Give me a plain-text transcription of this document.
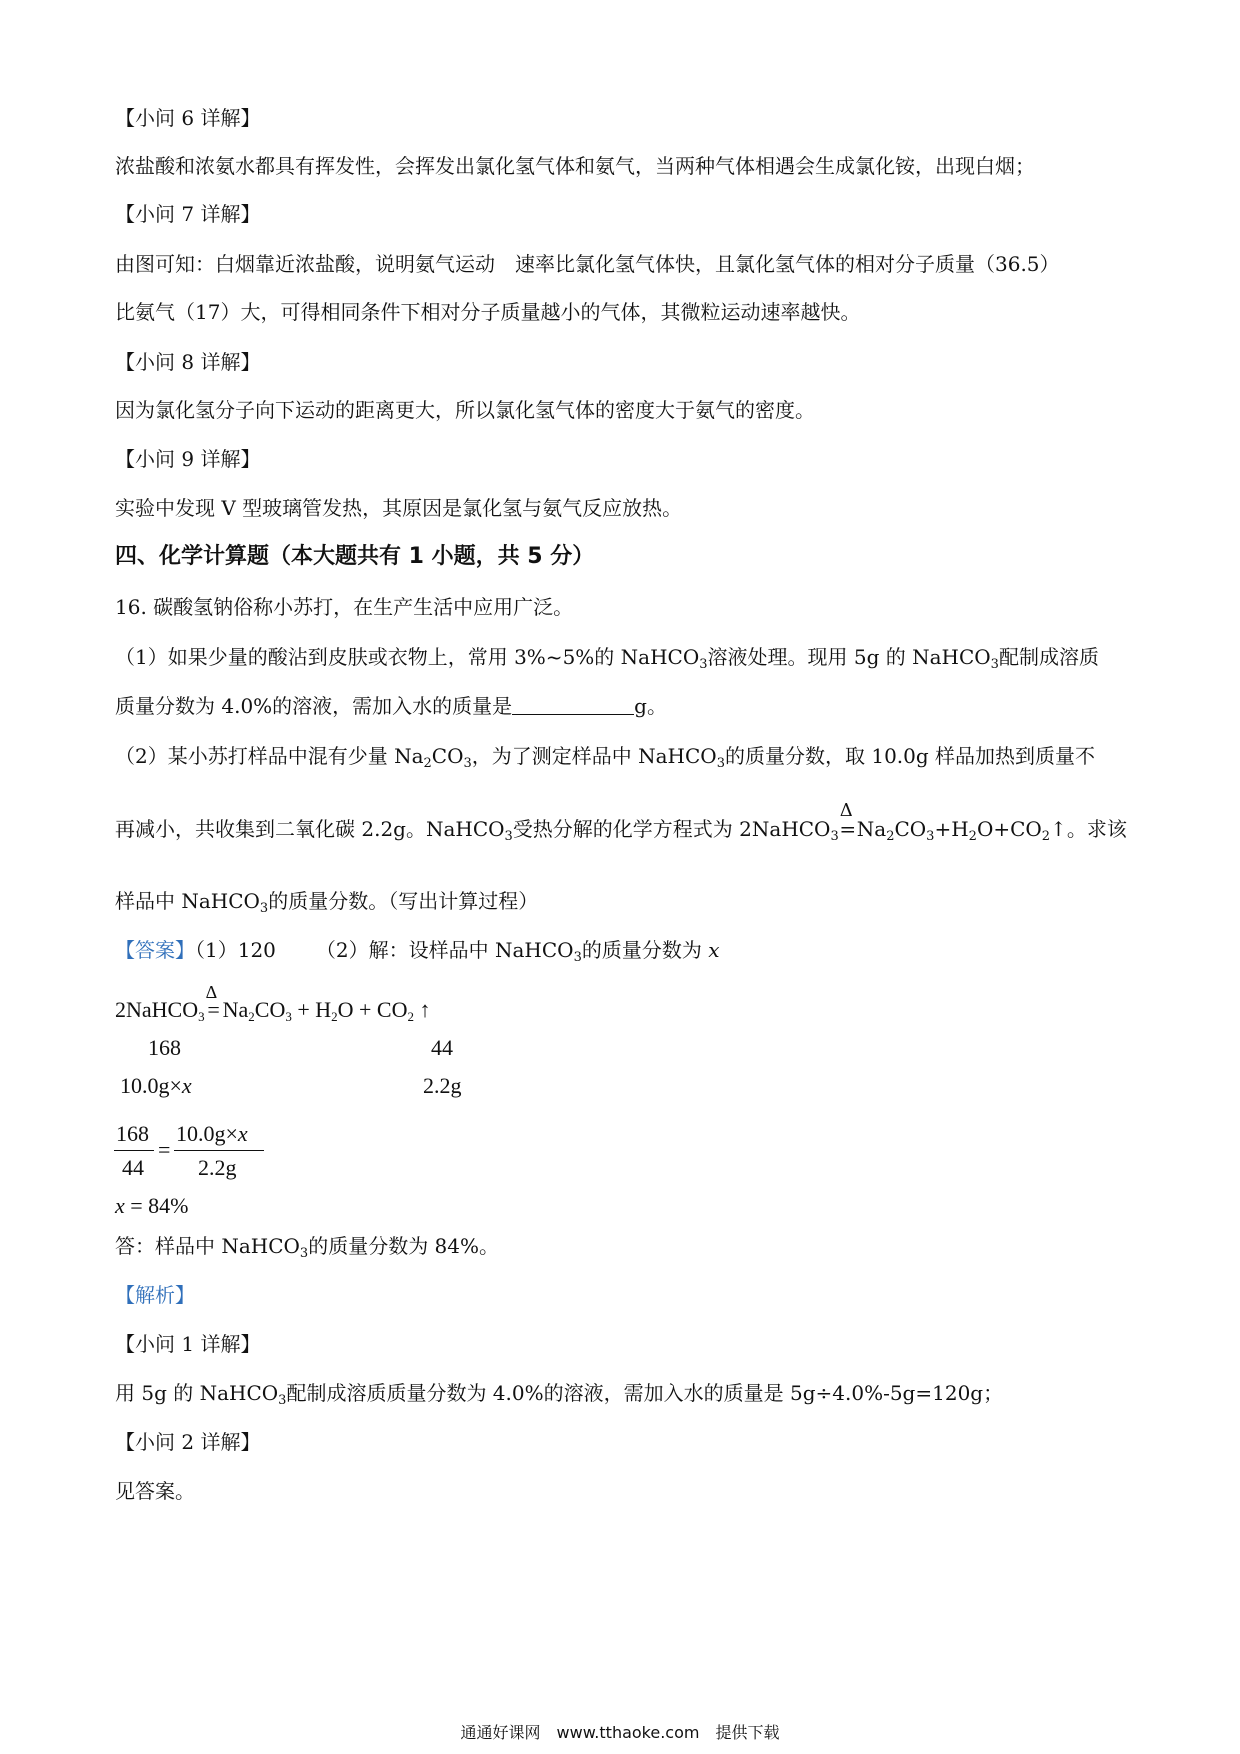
【小问 6 详解】
浓盐酸和浓氨水都具有挥发性，会挥发出氯化氢气体和氨气，当两种气体相遇会生成氯化铵，出现白烟；
【小问 7 详解】
由图可知：白烟靠近浓盐酸，说明氨气运动　速率比氯化氢气体快，且氯化氢气体的相对分子质量（36.5）
比氨气（17）大，可得相同条件下相对分子质量越小的气体，其微粒运动速率越快。
【小问 8 详解】
因为氯化氢分子向下运动的距离更大，所以氯化氢气体的密度大于氨气的密度。
【小问 9 详解】
实验中发现 V 型玻璃管发热，其原因是氯化氢与氨气反应放热。
四、化学计算题（本大题共有 1 小题，共 5 分）
16. 碳酸氢钠俗称小苏打，在生产生活中应用广泛。
（1）如果少量的酸沾到皮肤或衣物上，常用 3%~5%的 NaHCO$_3$溶液处理。现用 5g 的 NaHCO$_3$配制成溶质
质量分数为 4.0%的溶液，需加入水的质量是	g。
（2）某小苏打样品中混有少量 $Na_2CO_3$，为了测定样品中 NaHCO$_3$的质量分数，取 10.0g 样品加热到质量不
再减小，共收集到二氧化碳 2.2g。NaHCO$_3$受热分解的化学方程式为 2NaHCO$_3$
Δ
$=Na_2CO_3+H_2O+CO_2↑$。求该
样品中 NaHCO$_3$的质量分数。（写出计算过程）
【答案】（1）120 （2）解：设样品中 NaHCO$_3$的质量分数为 x
2NaHCO$_3$
Δ
= $Na_2CO_3 + H_2O + CO_2$ ↑
168	44
10.0g×x	2.2g
168
44
=
10.0g×x
2.2g
x = 84%
答：样品中 NaHCO$_3$的质量分数为 84%。
【解析】
【小问 1 详解】
用 5g 的 NaHCO$_3$配制成溶质质量分数为 4.0%的溶液，需加入水的质量是 5g÷4.0%-5g=120g；
【小问 2 详解】
见答案。
通通好课网　www.tthaoke.com　提供下载
